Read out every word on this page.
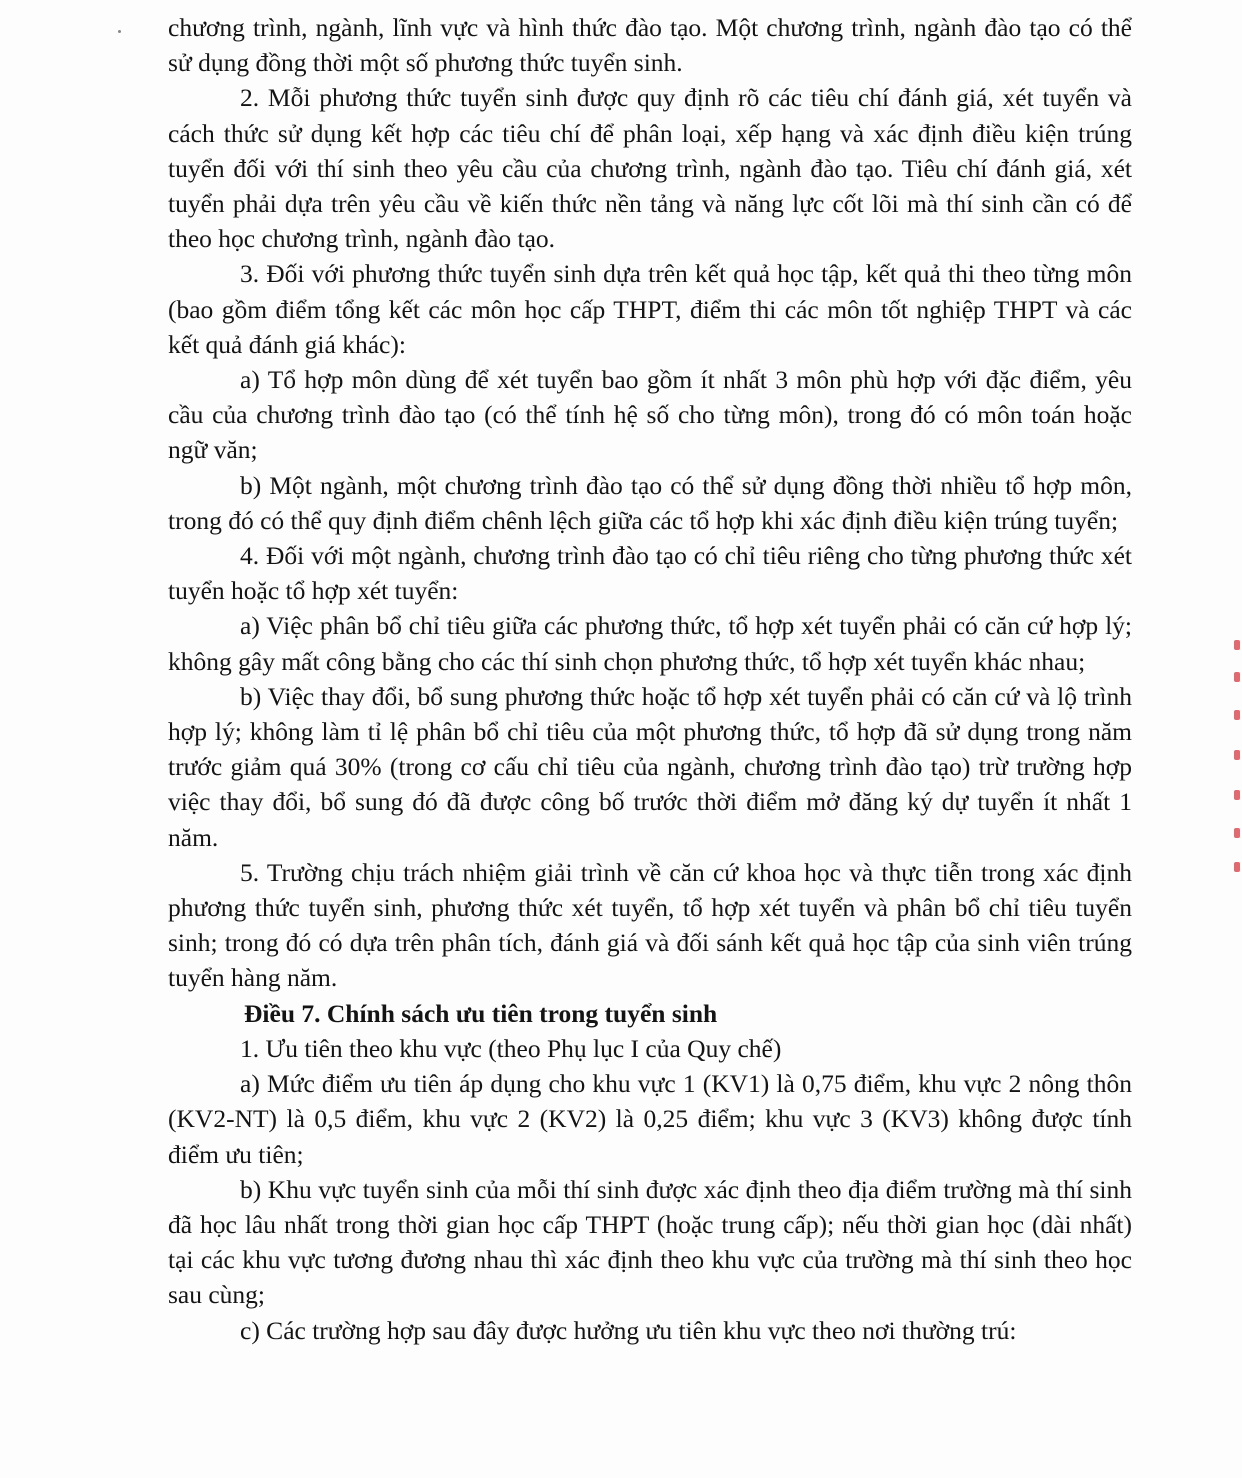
chương trình, ngành, lĩnh vực và hình thức đào tạo. Một chương trình, ngành đào tạo có thể sử dụng đồng thời một số phương thức tuyển sinh.

2. Mỗi phương thức tuyển sinh được quy định rõ các tiêu chí đánh giá, xét tuyển và cách thức sử dụng kết hợp các tiêu chí để phân loại, xếp hạng và xác định điều kiện trúng tuyển đối với thí sinh theo yêu cầu của chương trình, ngành đào tạo. Tiêu chí đánh giá, xét tuyển phải dựa trên yêu cầu về kiến thức nền tảng và năng lực cốt lõi mà thí sinh cần có để theo học chương trình, ngành đào tạo.

3. Đối với phương thức tuyển sinh dựa trên kết quả học tập, kết quả thi theo từng môn (bao gồm điểm tổng kết các môn học cấp THPT, điểm thi các môn tốt nghiệp THPT và các kết quả đánh giá khác):

a) Tổ hợp môn dùng để xét tuyển bao gồm ít nhất 3 môn phù hợp với đặc điểm, yêu cầu của chương trình đào tạo (có thể tính hệ số cho từng môn), trong đó có môn toán hoặc ngữ văn;

b) Một ngành, một chương trình đào tạo có thể sử dụng đồng thời nhiều tổ hợp môn, trong đó có thể quy định điểm chênh lệch giữa các tổ hợp khi xác định điều kiện trúng tuyển;

4. Đối với một ngành, chương trình đào tạo có chỉ tiêu riêng cho từng phương thức xét tuyển hoặc tổ hợp xét tuyển:

a) Việc phân bổ chỉ tiêu giữa các phương thức, tổ hợp xét tuyển phải có căn cứ hợp lý; không gây mất công bằng cho các thí sinh chọn phương thức, tổ hợp xét tuyển khác nhau;

b) Việc thay đổi, bổ sung phương thức hoặc tổ hợp xét tuyển phải có căn cứ và lộ trình hợp lý; không làm tỉ lệ phân bổ chỉ tiêu của một phương thức, tổ hợp đã sử dụng trong năm trước giảm quá 30% (trong cơ cấu chỉ tiêu của ngành, chương trình đào tạo) trừ trường hợp việc thay đổi, bổ sung đó đã được công bố trước thời điểm mở đăng ký dự tuyển ít nhất 1 năm.

5. Trường chịu trách nhiệm giải trình về căn cứ khoa học và thực tiễn trong xác định phương thức tuyển sinh, phương thức xét tuyển, tổ hợp xét tuyển và phân bổ chỉ tiêu tuyển sinh; trong đó có dựa trên phân tích, đánh giá và đối sánh kết quả học tập của sinh viên trúng tuyển hàng năm.

Điều 7. Chính sách ưu tiên trong tuyển sinh

1. Ưu tiên theo khu vực (theo Phụ lục I của Quy chế)

a) Mức điểm ưu tiên áp dụng cho khu vực 1 (KV1) là 0,75 điểm, khu vực 2 nông thôn (KV2-NT) là 0,5 điểm, khu vực 2 (KV2) là 0,25 điểm; khu vực 3 (KV3) không được tính điểm ưu tiên;

b) Khu vực tuyển sinh của mỗi thí sinh được xác định theo địa điểm trường mà thí sinh đã học lâu nhất trong thời gian học cấp THPT (hoặc trung cấp); nếu thời gian học (dài nhất) tại các khu vực tương đương nhau thì xác định theo khu vực của trường mà thí sinh theo học sau cùng;

c) Các trường hợp sau đây được hưởng ưu tiên khu vực theo nơi thường trú:
